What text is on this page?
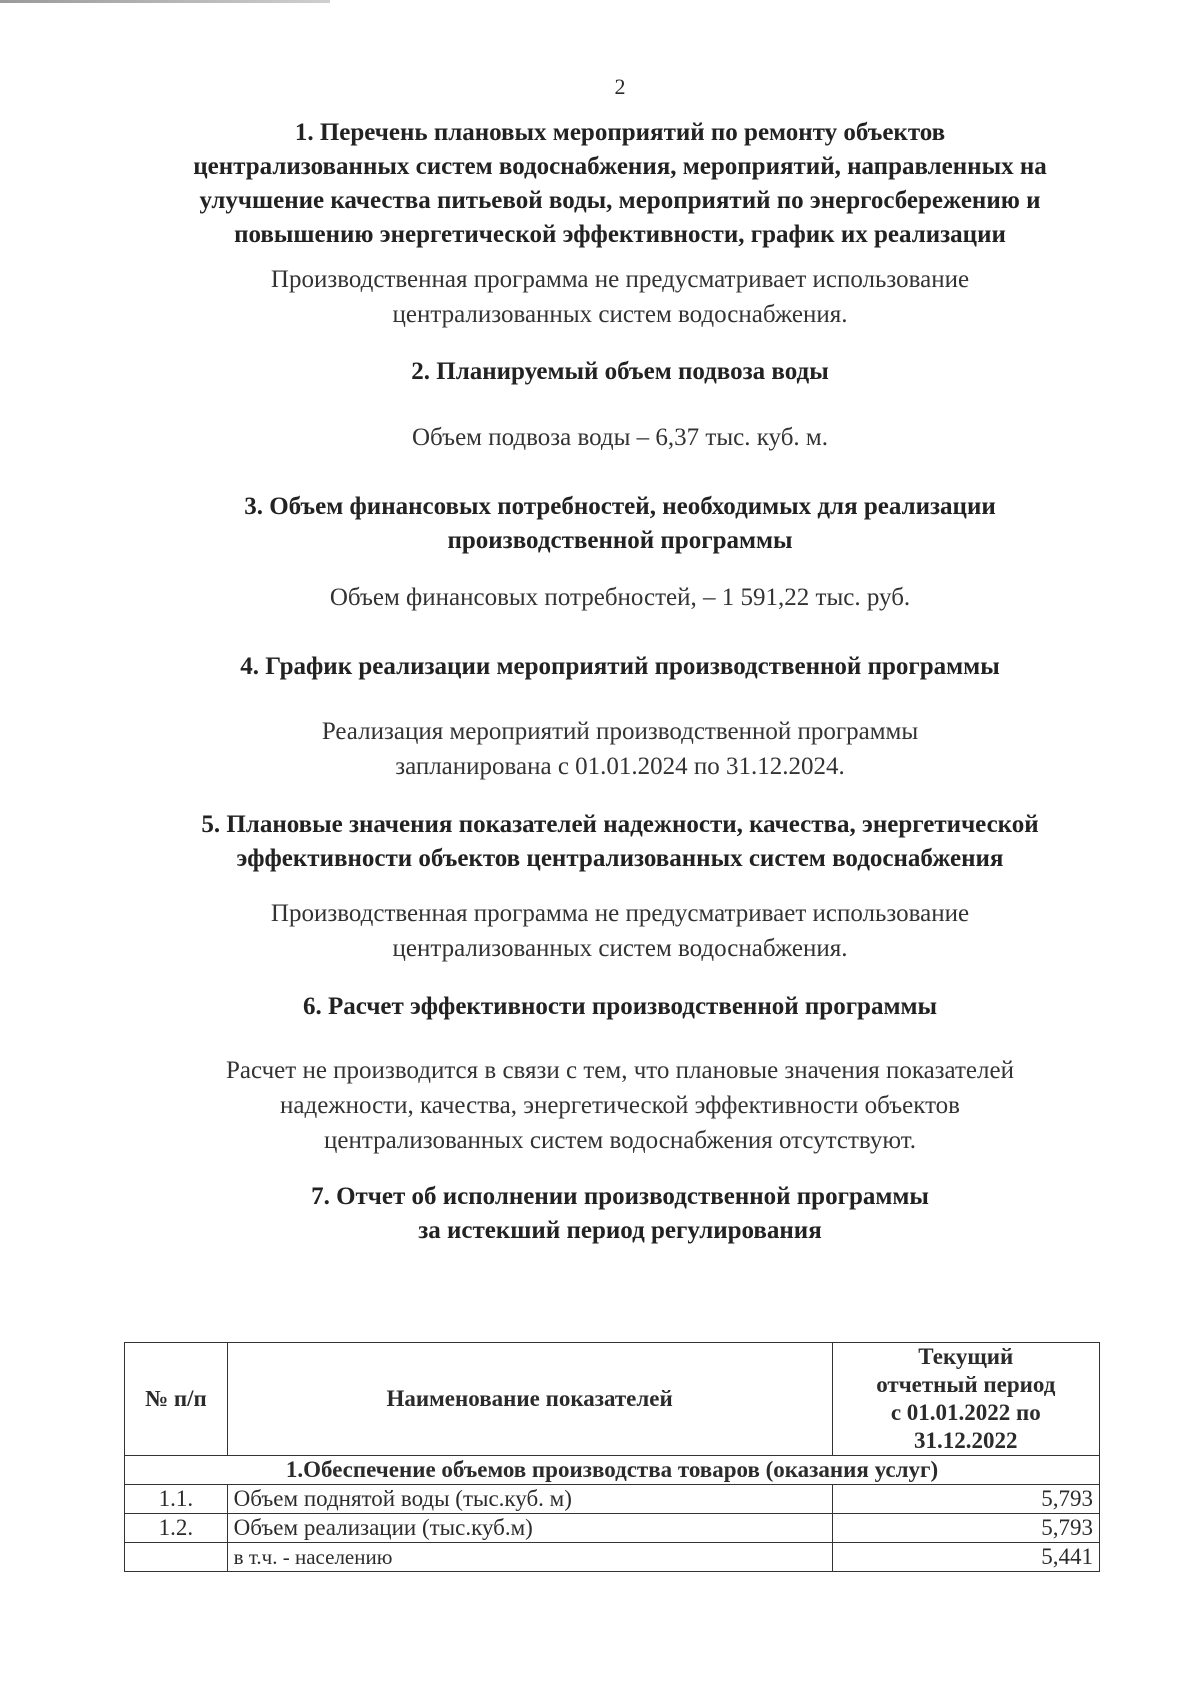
2
1. Перечень плановых мероприятий по ремонту объектов
централизованных систем водоснабжения, мероприятий, направленных на
улучшение качества питьевой воды, мероприятий по энергосбережению и
повышению энергетической эффективности, график их реализации
Производственная программа не предусматривает использование
централизованных систем водоснабжения.
2. Планируемый объем подвоза воды
Объем подвоза воды – 6,37 тыс. куб. м.
3. Объем финансовых потребностей, необходимых для реализации
производственной программы
Объем финансовых потребностей, – 1 591,22 тыс. руб.
4. График реализации мероприятий производственной программы
Реализация мероприятий производственной программы
запланирована с 01.01.2024 по 31.12.2024.
5. Плановые значения показателей надежности, качества, энергетической
эффективности объектов централизованных систем водоснабжения
Производственная программа не предусматривает использование
централизованных систем водоснабжения.
6. Расчет эффективности производственной программы
Расчет не производится в связи с тем, что плановые значения показателей
надежности, качества, энергетической эффективности объектов
централизованных систем водоснабжения отсутствуют.
7. Отчет об исполнении производственной программы
за истекший период регулирования
№ п/п	Наименование показателей	Текущий
отчетный период
с 01.01.2022 по
31.12.2022

1.Обеспечение объемов производства товаров (оказания услуг)		
1.1.	Объем поднятой воды (тыс.куб. м)	5,793
1.2.	Объем реализации (тыс.куб.м)	5,793
	в т.ч. - населению	5,441
